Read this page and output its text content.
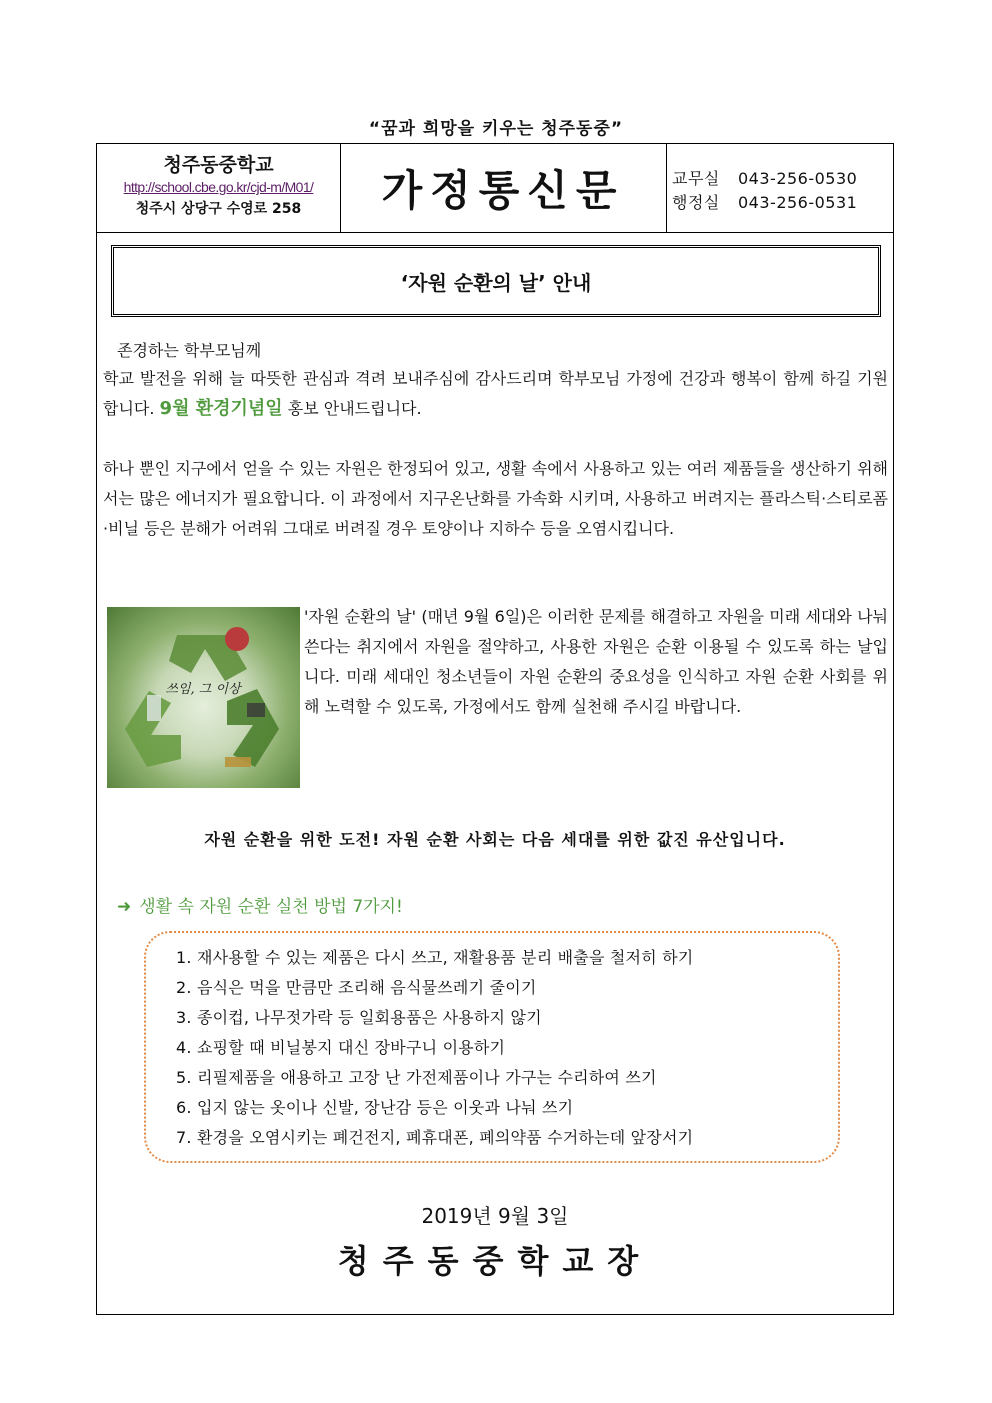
“꿈과 희망을 키우는 청주동중”
청주동중학교
http://school.cbe.go.kr/cjd-m/M01/
청주시 상당구 수영로 258	가정통신문	교무실 043-256-0530
행정실 043-256-0531
‘자원 순환의 날’ 안내
존경하는 학부모님께
학교 발전을 위해 늘 따뜻한 관심과 격려 보내주심에 감사드리며 학부모님 가정에 건강과 행복이 함께 하길 기원합니다. 9월 환경기념일 홍보 안내드립니다.
하나 뿐인 지구에서 얻을 수 있는 자원은 한정되어 있고, 생활 속에서 사용하고 있는 여러 제품들을 생산하기 위해서는 많은 에너지가 필요합니다. 이 과정에서 지구온난화를 가속화 시키며, 사용하고 버려지는 플라스틱·스티로폼·비닐 등은 분해가 어려워 그대로 버려질 경우 토양이나 지하수 등을 오염시킵니다.
쓰임, 그 이상
'자원 순환의 날' (매년 9월 6일)은 이러한 문제를 해결하고 자원을 미래 세대와 나눠 쓴다는 취지에서 자원을 절약하고, 사용한 자원은 순환 이용될 수 있도록 하는 날입니다. 미래 세대인 청소년들이 자원 순환의 중요성을 인식하고 자원 순환 사회를 위해 노력할 수 있도록, 가정에서도 함께 실천해 주시길 바랍니다.
자원 순환을 위한 도전! 자원 순환 사회는 다음 세대를 위한 값진 유산입니다.
➜ 생활 속 자원 순환 실천 방법 7가지!
1. 재사용할 수 있는 제품은 다시 쓰고, 재활용품 분리 배출을 철저히 하기
2. 음식은 먹을 만큼만 조리해 음식물쓰레기 줄이기
3. 종이컵, 나무젓가락 등 일회용품은 사용하지 않기
4. 쇼핑할 때 비닐봉지 대신 장바구니 이용하기
5. 리필제품을 애용하고 고장 난 가전제품이나 가구는 수리하여 쓰기
6. 입지 않는 옷이나 신발, 장난감 등은 이웃과 나눠 쓰기
7. 환경을 오염시키는 폐건전지, 폐휴대폰, 폐의약품 수거하는데 앞장서기
2019년 9월 3일
청주동중학교장
